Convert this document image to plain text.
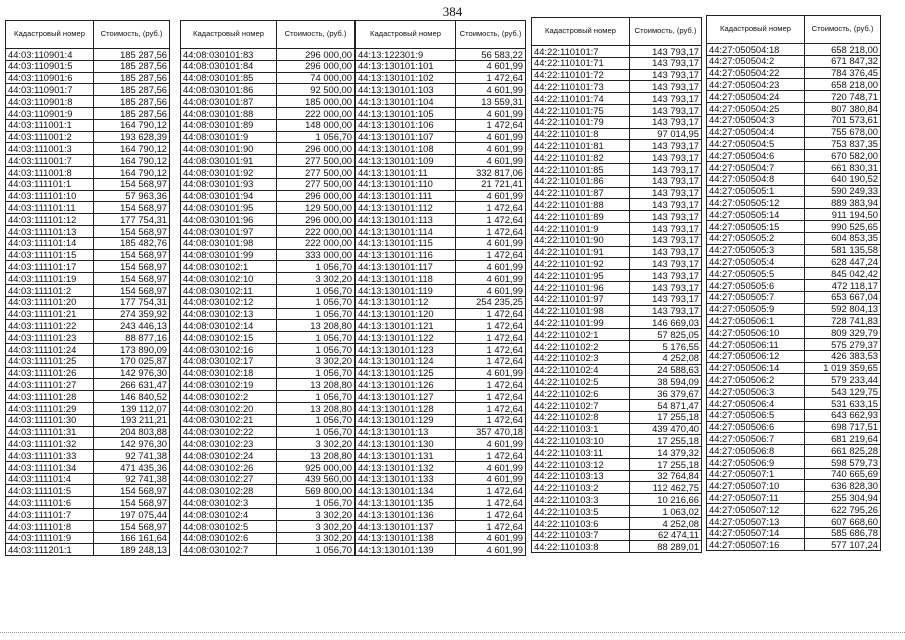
384
Кадастровый номер	Стоимость, (руб.)
44:03:110901:4	185 287,56
44:03:110901:5	185 287,56
44:03:110901:6	185 287,56
44:03:110901:7	185 287,56
44:03:110901:8	185 287,56
44:03:110901:9	185 287,56
44:03:111001:1	164 790,12
44:03:111001:2	193 628,39
44:03:111001:3	164 790,12
44:03:111001:7	164 790,12
44:03:111001:8	164 790,12
44:03:111101:1	154 568,97
44:03:111101:10	57 963,36
44:03:111101:11	154 568,97
44:03:111101:12	177 754,31
44:03:111101:13	154 568,97
44:03:111101:14	185 482,76
44:03:111101:15	154 568,97
44:03:111101:17	154 568,97
44:03:111101:19	154 568,97
44:03:111101:2	154 568,97
44:03:111101:20	177 754,31
44:03:111101:21	274 359,92
44:03:111101:22	243 446,13
44:03:111101:23	88 877,16
44:03:111101:24	173 890,09
44:03:111101:25	170 025,87
44:03:111101:26	142 976,30
44:03:111101:27	266 631,47
44:03:111101:28	146 840,52
44:03:111101:29	139 112,07
44:03:111101:30	193 211,21
44:03:111101:31	204 803,88
44:03:111101:32	142 976,30
44:03:111101:33	92 741,38
44:03:111101:34	471 435,36
44:03:111101:4	92 741,38
44:03:111101:5	154 568,97
44:03:111101:6	154 568,97
44:03:111101:7	197 075,44
44:03:111101:8	154 568,97
44:03:111101:9	166 161,64
44:03:111201:1	189 248,13
Кадастровый номер	Стоимость, (руб.)
44:08:030101:83	296 000,00
44:08:030101:84	296 000,00
44:08:030101:85	74 000,00
44:08:030101:86	92 500,00
44:08:030101:87	185 000,00
44:08:030101:88	222 000,00
44:08:030101:89	148 000,00
44:08:030101:9	1 056,70
44:08:030101:90	296 000,00
44:08:030101:91	277 500,00
44:08:030101:92	277 500,00
44:08:030101:93	277 500,00
44:08:030101:94	296 000,00
44:08:030101:95	129 500,00
44:08:030101:96	296 000,00
44:08:030101:97	222 000,00
44:08:030101:98	222 000,00
44:08:030101:99	333 000,00
44:08:030102:1	1 056,70
44:08:030102:10	3 302,20
44:08:030102:11	1 056,70
44:08:030102:12	1 056,70
44:08:030102:13	1 056,70
44:08:030102:14	13 208,80
44:08:030102:15	1 056,70
44:08:030102:16	1 056,70
44:08:030102:17	3 302,20
44:08:030102:18	1 056,70
44:08:030102:19	13 208,80
44:08:030102:2	1 056,70
44:08:030102:20	13 208,80
44:08:030102:21	1 056,70
44:08:030102:22	1 056,70
44:08:030102:23	3 302,20
44:08:030102:24	13 208,80
44:08:030102:26	925 000,00
44:08:030102:27	439 560,00
44:08:030102:28	569 800,00
44:08:030102:3	1 056,70
44:08:030102:4	3 302,20
44:08:030102:5	3 302,20
44:08:030102:6	3 302,20
44:08:030102:7	1 056,70
Кадастровый номер	Стоимость, (руб.)
44:13:122301:9	56 583,22
44:13:130101:101	4 601,99
44:13:130101:102	1 472,64
44:13:130101:103	4 601,99
44:13:130101:104	13 559,31
44:13:130101:105	4 601,99
44:13:130101:106	1 472,64
44:13:130101:107	4 601,99
44:13:130101:108	4 601,99
44:13:130101:109	4 601,99
44:13:130101:11	332 817,06
44:13:130101:110	21 721,41
44:13:130101:111	4 601,99
44:13:130101:112	1 472,64
44:13:130101:113	1 472,64
44:13:130101:114	1 472,64
44:13:130101:115	4 601,99
44:13:130101:116	1 472,64
44:13:130101:117	4 601,99
44:13:130101:118	4 601,99
44:13:130101:119	4 601,99
44:13:130101:12	254 235,25
44:13:130101:120	1 472,64
44:13:130101:121	1 472,64
44:13:130101:122	1 472,64
44:13:130101:123	1 472,64
44:13:130101:124	1 472,64
44:13:130101:125	4 601,99
44:13:130101:126	1 472,64
44:13:130101:127	1 472,64
44:13:130101:128	1 472,64
44:13:130101:129	1 472,64
44:13:130101:13	357 470,18
44:13:130101:130	4 601,99
44:13:130101:131	1 472,64
44:13:130101:132	4 601,99
44:13:130101:133	4 601,99
44:13:130101:134	1 472,64
44:13:130101:135	1 472,64
44:13:130101:136	1 472,64
44:13:130101:137	1 472,64
44:13:130101:138	4 601,99
44:13:130101:139	4 601,99
Кадастровый номер	Стоимость, (руб.)
44:22:110101:7	143 793,17
44:22:110101:71	143 793,17
44:22:110101:72	143 793,17
44:22:110101:73	143 793,17
44:22:110101:74	143 793,17
44:22:110101:75	143 793,17
44:22:110101:79	143 793,17
44:22:110101:8	97 014,95
44:22:110101:81	143 793,17
44:22:110101:82	143 793,17
44:22:110101:85	143 793,17
44:22:110101:86	143 793,17
44:22:110101:87	143 793,17
44:22:110101:88	143 793,17
44:22:110101:89	143 793,17
44:22:110101:9	143 793,17
44:22:110101:90	143 793,17
44:22:110101:91	143 793,17
44:22:110101:92	143 793,17
44:22:110101:95	143 793,17
44:22:110101:96	143 793,17
44:22:110101:97	143 793,17
44:22:110101:98	143 793,17
44:22:110101:99	146 669,03
44:22:110102:1	57 825,05
44:22:110102:2	5 176,55
44:22:110102:3	4 252,08
44:22:110102:4	24 588,63
44:22:110102:5	38 594,09
44:22:110102:6	36 379,67
44:22:110102:7	54 871,47
44:22:110102:8	17 255,18
44:22:110103:1	439 470,40
44:22:110103:10	17 255,18
44:22:110103:11	14 379,32
44:22:110103:12	17 255,18
44:22:110103:13	32 764,84
44:22:110103:2	112 462,75
44:22:110103:3	10 216,66
44:22:110103:5	1 063,02
44:22:110103:6	4 252,08
44:22:110103:7	62 474,11
44:22:110103:8	88 289,01
Кадастровый номер	Стоимость, (руб.)
44:27:050504:18	658 218,00
44:27:050504:2	671 847,32
44:27:050504:22	784 376,45
44:27:050504:23	658 218,00
44:27:050504:24	720 748,71
44:27:050504:25	807 380,84
44:27:050504:3	701 573,61
44:27:050504:4	755 678,00
44:27:050504:5	753 837,35
44:27:050504:6	670 582,00
44:27:050504:7	661 830,31
44:27:050504:8	640 190,52
44:27:050505:1	590 249,33
44:27:050505:12	889 383,94
44:27:050505:14	911 194,50
44:27:050505:15	990 525,65
44:27:050505:2	604 853,35
44:27:050505:3	581 135,58
44:27:050505:4	628 447,24
44:27:050505:5	845 042,42
44:27:050505:6	472 118,17
44:27:050505:7	653 667,04
44:27:050505:9	592 804,13
44:27:050506:1	728 741,83
44:27:050506:10	809 329,79
44:27:050506:11	575 279,37
44:27:050506:12	426 383,53
44:27:050506:14	1 019 359,65
44:27:050506:2	579 233,44
44:27:050506:3	543 129,75
44:27:050506:4	531 633,15
44:27:050506:5	643 662,93
44:27:050506:6	698 717,51
44:27:050506:7	681 219,64
44:27:050506:8	661 825,28
44:27:050506:9	598 579,73
44:27:050507:1	740 665,69
44:27:050507:10	636 828,30
44:27:050507:11	255 304,94
44:27:050507:12	622 795,26
44:27:050507:13	607 668,60
44:27:050507:14	585 686,78
44:27:050507:16	577 107,24
